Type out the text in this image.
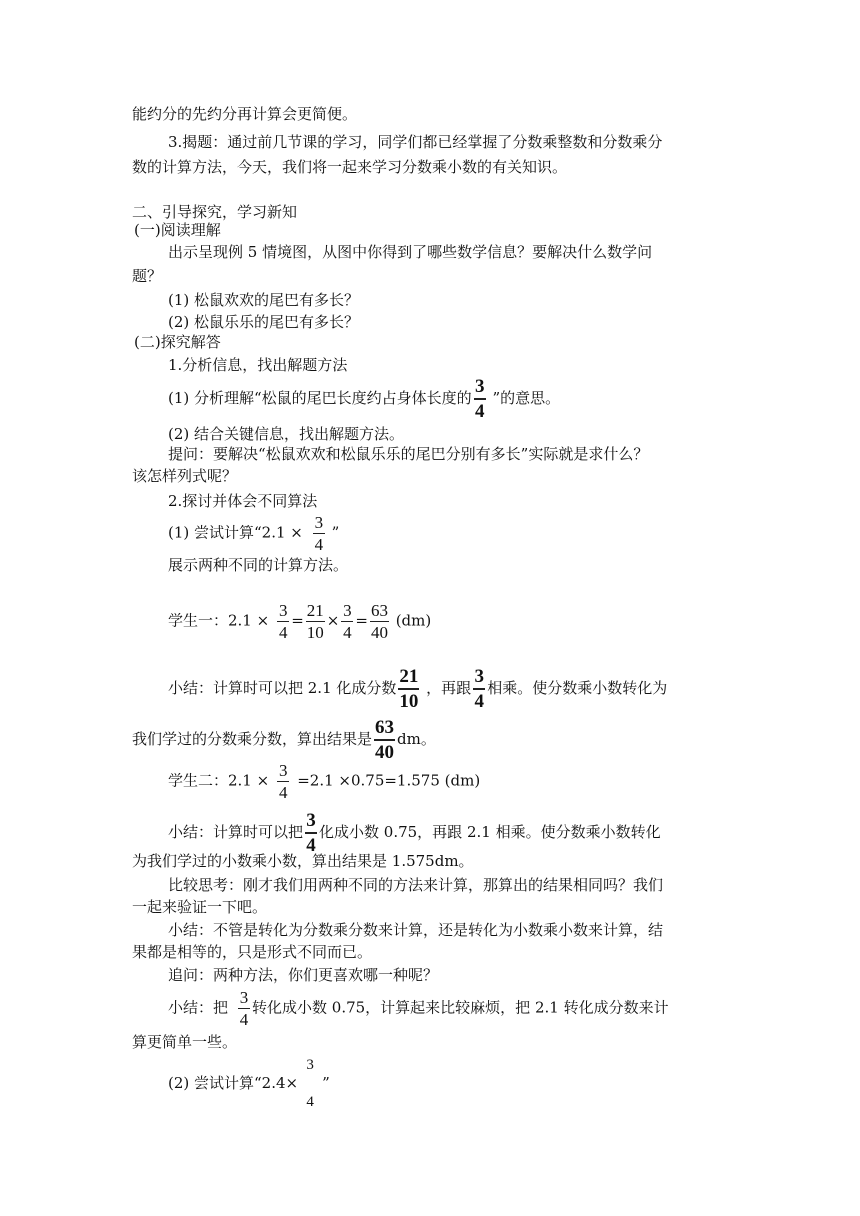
能约分的先约分再计算会更简便。
3.揭题：通过前几节课的学习，同学们都已经掌握了分数乘整数和分数乘分
数的计算方法，今天，我们将一起来学习分数乘小数的有关知识。
二、引导探究，学习新知
(一)阅读理解
出示呈现例 5 情境图，从图中你得到了哪些数学信息？要解决什么数学问
题？
(1) 松鼠欢欢的尾巴有多长？
(2) 松鼠乐乐的尾巴有多长？
(二)探究解答
1.分析信息，找出解题方法
(1) 分析理解“松鼠的尾巴长度约占身体长度的 $\frac{3}{4}$ ”的意思。
(2) 结合关键信息，找出解题方法。
提问：要解决“松鼠欢欢和松鼠乐乐的尾巴分别有多长”实际就是求什么？
该怎样列式呢？
2.探讨并体会不同算法
(1) 尝试计算“$2.1 \times \frac{3}{4}$ ”
展示两种不同的计算方法。
学生一：$2.1 \times \frac{3}{4} = \frac{21}{10} \times \frac{3}{4} = \frac{63}{40} (dm)$
小结：计算时可以把 2.1 化成分数 $\frac{21}{10}$ ，再跟 $\frac{3}{4}$ 相乘。使分数乘小数转化为
我们学过的分数乘分数，算出结果是 $\frac{63}{40}$ dm。
学生二：$2.1 \times \frac{3}{4} =2.1 \times 0.75=1.575$ (dm)
小结：计算时可以把 $\frac{3}{4}$ 化成小数 0.75，再跟 2.1 相乘。使分数乘小数转化
为我们学过的小数乘小数，算出结果是 1.575dm。
比较思考：刚才我们用两种不同的方法来计算，那算出的结果相同吗？我们
一起来验证一下吧。
小结：不管是转化为分数乘分数来计算，还是转化为小数乘小数来计算，结
果都是相等的，只是形式不同而已。
追问：两种方法，你们更喜欢哪一种呢？
小结：把 $\frac{3}{4}$ 转化成小数 0.75，计算起来比较麻烦，把 2.1 转化成分数来计
算更简单一些。
(2) 尝试计算“2.4×
3
4
”
